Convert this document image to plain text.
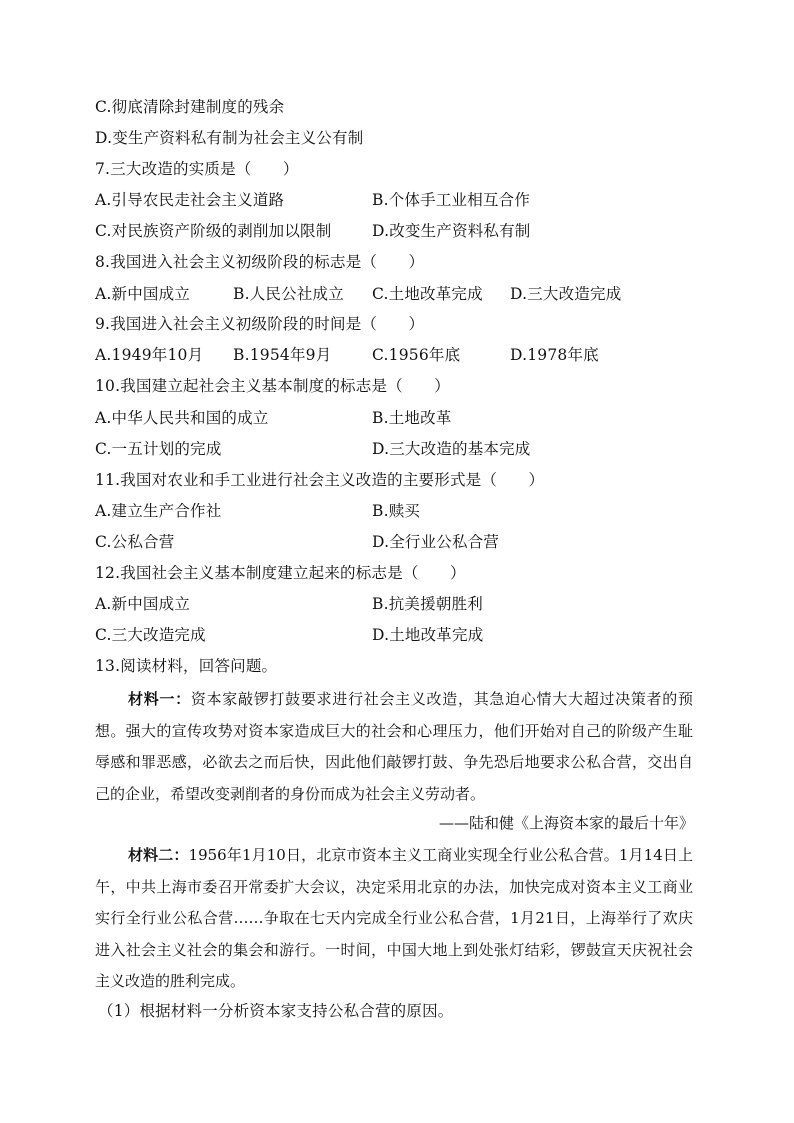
C.彻底清除封建制度的残余
D.变生产资料私有制为社会主义公有制
7.三大改造的实质是（　　）
A.引导农民走社会主义道路	B.个体手工业相互合作
C.对民族资产阶级的剥削加以限制	D.改变生产资料私有制
8.我国进入社会主义初级阶段的标志是（　　）
A.新中国成立	B.人民公社成立 C.土地改革完成 D.三大改造完成
9.我国进入社会主义初级阶段的时间是（　　）
A.1949年10月 B.1954年9月	C.1956年底	D.1978年底
10.我国建立起社会主义基本制度的标志是（　　）
A.中华人民共和国的成立	B.土地改革
C.一五计划的完成	D.三大改造的基本完成
11.我国对农业和手工业进行社会主义改造的主要形式是（　　）
A.建立生产合作社	B.赎买
C.公私合营	D.全行业公私合营
12.我国社会主义基本制度建立起来的标志是（　　）
A.新中国成立	B.抗美援朝胜利
C.三大改造完成	D.土地改革完成
13.阅读材料，回答问题。
材料一：资本家敲锣打鼓要求进行社会主义改造，其急迫心情大大超过决策者的预想。强大的宣传攻势对资本家造成巨大的社会和心理压力，他们开始对自己的阶级产生耻辱感和罪恶感，必欲去之而后快，因此他们敲锣打鼓、争先恐后地要求公私合营，交出自己的企业，希望改变剥削者的身份而成为社会主义劳动者。
——陆和健《上海资本家的最后十年》
材料二：1956年1月10日，北京市资本主义工商业实现全行业公私合营。1月14日上午，中共上海市委召开常委扩大会议，决定采用北京的办法，加快完成对资本主义工商业实行全行业公私合营……争取在七天内完成全行业公私合营，1月21日，上海举行了欢庆进入社会主义社会的集会和游行。一时间，中国大地上到处张灯结彩，锣鼓宣天庆祝社会主义改造的胜利完成。
（1）根据材料一分析资本家支持公私合营的原因。
